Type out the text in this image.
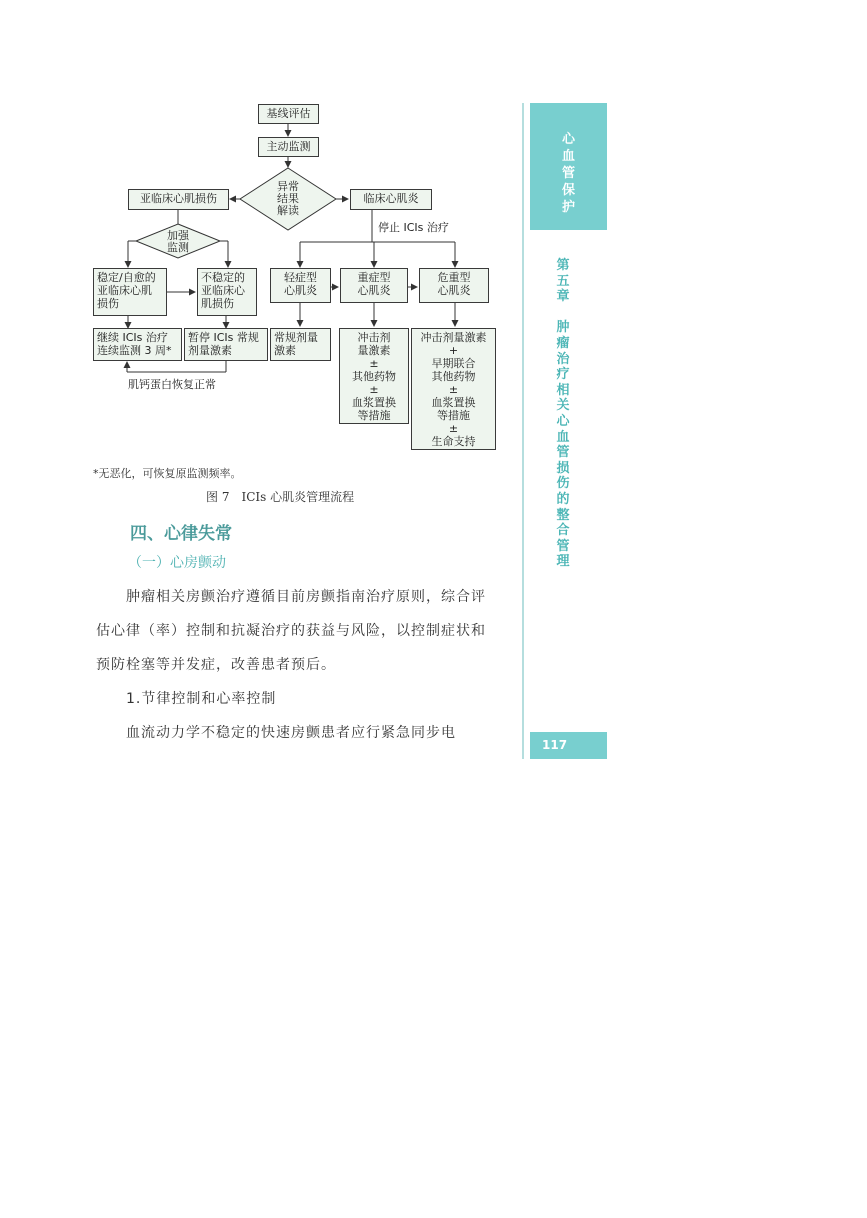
基线评估
主动监测
异常
结果
解读
亚临床心肌损伤	临床心肌炎
停止 ICIs 治疗
加强
监测
稳定/自愈的
亚临床心肌
损伤
不稳定的
亚临床心
肌损伤
轻症型
心肌炎
重症型
心肌炎
危重型
心肌炎
继续 ICIs 治疗
连续监测 3 周*
暂停 ICIs 常规
剂量激素
常规剂量
激素
冲击剂
量激素
±
其他药物
±
血浆置换
等措施
冲击剂量激素
+
早期联合
其他药物
±
血浆置换
等措施
±
生命支持
肌钙蛋白恢复正常
*无恶化，可恢复原监测频率。
图 7　ICIs 心肌炎管理流程
四、心律失常
（一）心房颤动
　　肿瘤相关房颤治疗遵循目前房颤指南治疗原则，综合评估心律（率）控制和抗凝治疗的获益与风险，以控制症状和预防栓塞等并发症，改善患者预后。
　　1.节律控制和心率控制
　　血流动力学不稳定的快速房颤患者应行紧急同步电
心
血
管
保
护
第
五
章

肿
瘤
治
疗
相
关
心
血
管
损
伤
的
整
合
管
理
117
